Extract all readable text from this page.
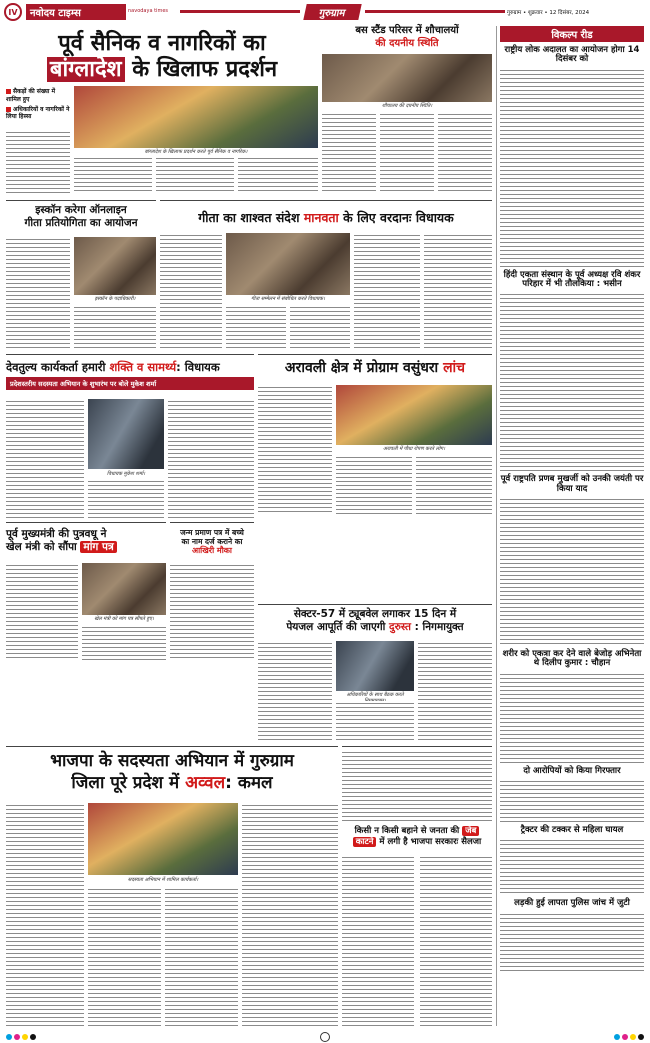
IV	नवोदय टाइम्स	navodaya times	गुरुग्राम	गुरुग्राम • शुक्रवार • 12 दिसंबर, 2024
पूर्व सैनिक व नागरिकों का
बांग्लादेश के खिलाफ प्रदर्शन
सैकड़ों की संख्या में शामिल हुए
अधिकारियों व नागरिकों ने लिया हिस्सा
बांग्लादेश के खिलाफ प्रदर्शन करते पूर्व सैनिक व नागरिक।
बस स्टैंड परिसर में शौचालयों
की दयनीय स्थिति
शौचालय की दयनीय स्थिति।
विकल्प रीड
राष्ट्रीय लोक अदालत का आयोजन होगा 14 दिसंबर को
हिंदी एकता संस्थान के पूर्व अध्यक्ष रवि शंकर परिहार में भी तौलकिया : भसीन
पूर्व राष्ट्रपति प्रणब मुखर्जी को उनकी जयंती पर किया याद
शरीर को एकत्रा कर देने वाले बेजोड़ अभिनेता थे दिलीप कुमार : चौहान
दो आरोपियों को किया गिरफ्तार
ट्रैक्टर की टक्कर से महिला घायल
लड़की हुई लापता पुलिस जांच में जुटी
इस्कॉन करेगा ऑनलाइन
गीता प्रतियोगिता का आयोजन
इस्कॉन के पदाधिकारी।
गीता का शाश्वत संदेश मानवता के लिए वरदानः विधायक
गीता सम्मेलन में संबोधित करते विधायक।
देवतुल्य कार्यकर्ता हमारी शक्ति व सामर्थ्य: विधायक
प्रदेशस्तरीय सदस्यता अभियान के शुभारंभ पर बोले मुकेश शर्मा
विधायक मुकेश शर्मा।
अरावली क्षेत्र में प्रोग्राम वसुंधरा लांच
अरावली में पौधा रोपण करते लोग।
पूर्व मुख्यमंत्री की पुत्रवधू ने
खेल मंत्री को सौंपा मांग पत्र
खेल मंत्री को मांग पत्र सौंपते हुए।
जन्म प्रमाण पत्र में बच्चे
का नाम दर्ज कराने का
आखिरी मौका
सेक्टर-57 में ट्यूबवेल लगाकर 15 दिन में
पेयजल आपूर्ति की जाएगी दुरुस्त : निगमायुक्त
अधिकारियों के साथ बैठक करते
भाजपा के सदस्यता अभियान में गुरुग्राम
जिला पूरे प्रदेश में अव्वल: कमल
सदस्यता अभियान में शामिल कार्यकर्ता।
किसी न किसी बहाने से जनता की जेब
काटने में लगी है भाजपा सरकारः सैलजा
